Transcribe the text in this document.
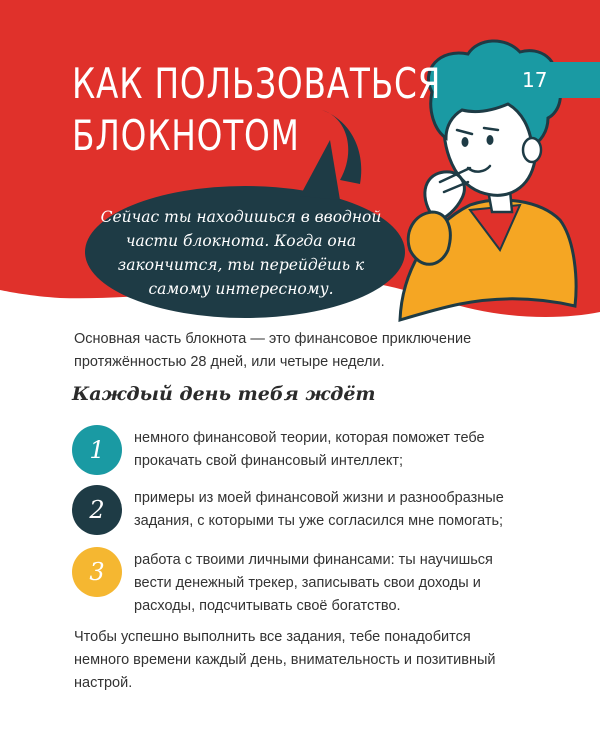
КАК ПОЛЬЗОВАТЬСЯ
БЛОКНОТОМ
17
Сейчас ты находишься в вводной части блокнота. Когда она закончится, ты перейдёшь к самому интересному.

Основная часть блокнота — это финансовое приключение протяжённостью 28 дней, или четыре недели.

Каждый день тебя ждёт
1 немного финансовой теории, которая поможет тебе прокачать свой финансовый интеллект;
2 примеры из моей финансовой жизни и разнообразные задания, с которыми ты уже согласился мне помогать;
3 работа с твоими личными финансами: ты научишься вести денежный трекер, записывать свои доходы и расходы, подсчитывать своё богатство.

Чтобы успешно выполнить все задания, тебе понадобится немного времени каждый день, внимательность и позитивный настрой.
